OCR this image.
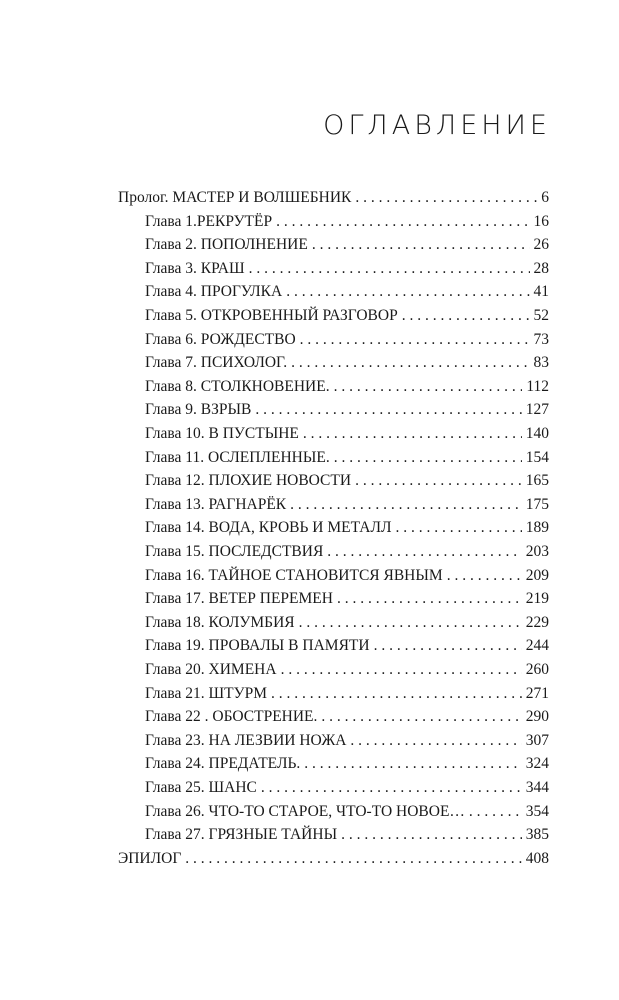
ОГЛАВЛЕНИЕ
Пролог. МАСТЕР И ВОЛШЕБНИК . . .	6
Глава 1.РЕКРУТЁР . . .	16
Глава 2. ПОПОЛНЕНИЕ . . .	26
Глава 3. КРАШ . . .	28
Глава 4. ПРОГУЛКА . . .	41
Глава 5. ОТКРОВЕННЫЙ РАЗГОВОР . . .	52
Глава 6. РОЖДЕСТВО . . .	73
Глава 7. ПСИХОЛОГ. . . .	83
Глава 8. СТОЛКНОВЕНИЕ. . . .	112
Глава 9. ВЗРЫВ . . .	127
Глава 10. В ПУСТЫНЕ . . .	140
Глава 11. ОСЛЕПЛЕННЫЕ. . . .	154
Глава 12. ПЛОХИЕ НОВОСТИ . . .	165
Глава 13. РАГНАРЁК . . .	175
Глава 14. ВОДА, КРОВЬ И МЕТАЛЛ . . .	189
Глава 15. ПОСЛЕДСТВИЯ . . .	203
Глава 16. ТАЙНОЕ СТАНОВИТСЯ ЯВНЫМ . . .	209
Глава 17. ВЕТЕР ПЕРЕМЕН . . .	219
Глава 18. КОЛУМБИЯ . . .	229
Глава 19. ПРОВАЛЫ В ПАМЯТИ . . .	244
Глава 20. ХИМЕНА . . .	260
Глава 21. ШТУРМ . . .	271
Глава 22 . ОБОСТРЕНИЕ. . . .	290
Глава 23. НА ЛЕЗВИИ НОЖА . . .	307
Глава 24. ПРЕДАТЕЛЬ. . . .	324
Глава 25. ШАНС . . .	344
Глава 26. ЧТО-ТО СТАРОЕ, ЧТО-ТО НОВОЕ… . . .	354
Глава 27. ГРЯЗНЫЕ ТАЙНЫ . . .	385
ЭПИЛОГ . . .	408
